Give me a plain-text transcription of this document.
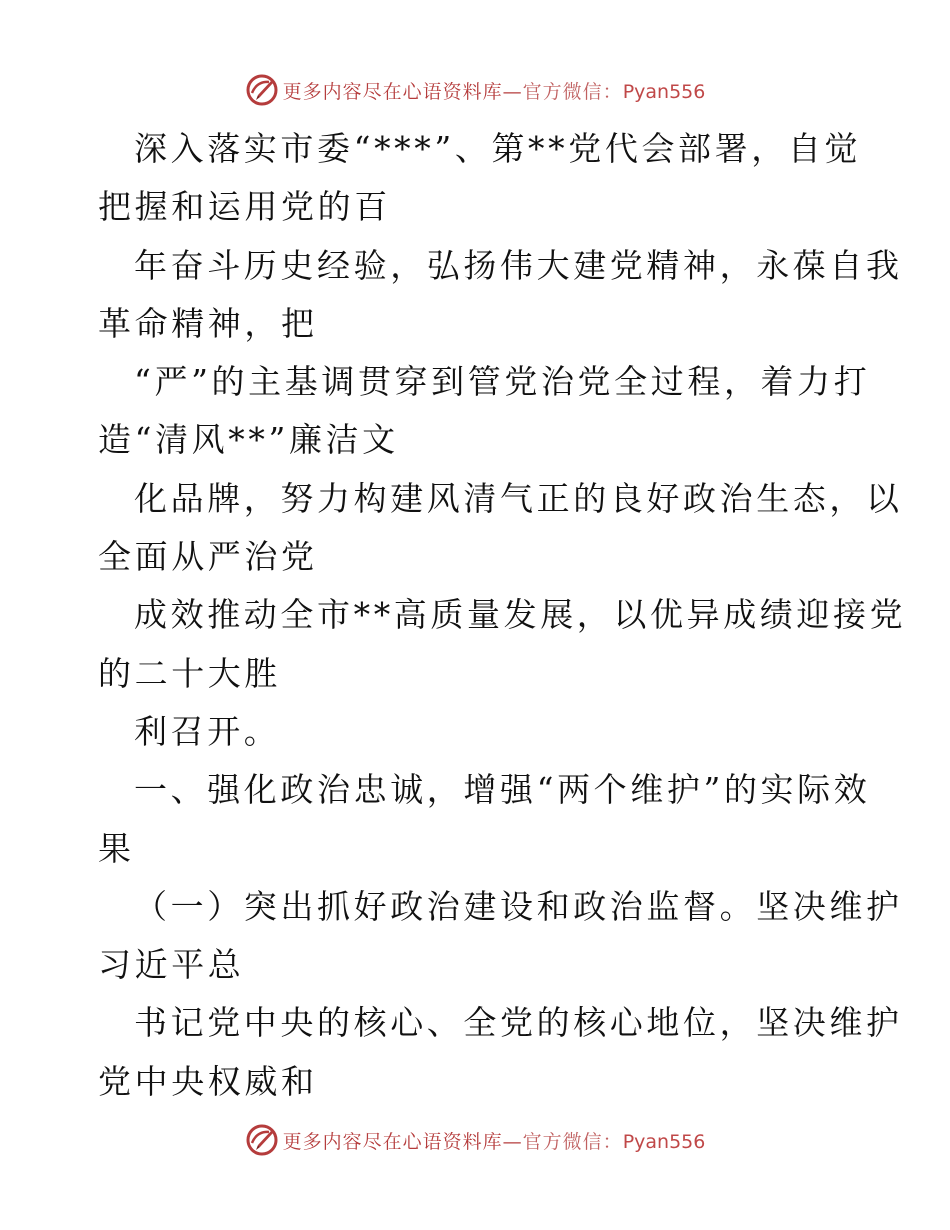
更多内容尽在心语资料库—官方微信：Pyan556
深入落实市委“***”、第**党代会部署，自觉
把握和运用党的百
年奋斗历史经验，弘扬伟大建党精神，永葆自我
革命精神，把
“严”的主基调贯穿到管党治党全过程，着力打
造“清风**”廉洁文
化品牌，努力构建风清气正的良好政治生态，以
全面从严治党
成效推动全市**高质量发展，以优异成绩迎接党
的二十大胜
利召开。
一、强化政治忠诚，增强“两个维护”的实际效
果
（一）突出抓好政治建设和政治监督。坚决维护
习近平总
书记党中央的核心、全党的核心地位，坚决维护
党中央权威和
更多内容尽在心语资料库—官方微信：Pyan556
